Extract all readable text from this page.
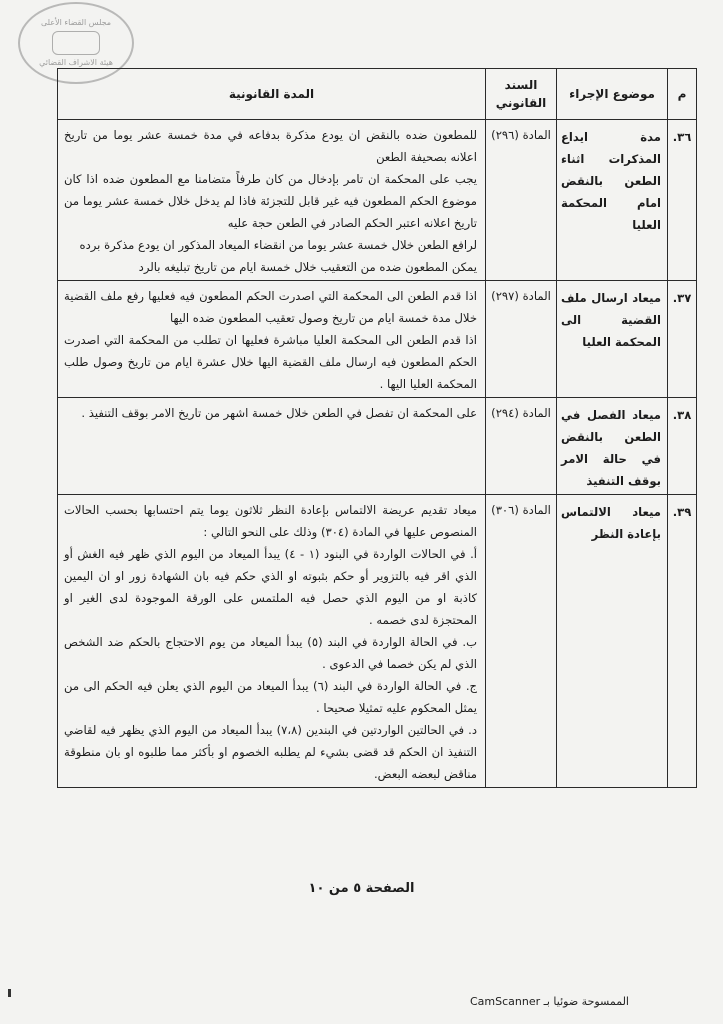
مجلس القضاء الأعلى
هيئة الاشراف القضائي
م	موضوع الإجراء	السند القانوني	المدة القانونية
٣٦.	مدة ايداع المذكرات اثناء الطعن بالنقض امام المحكمة العليا	المادة (٢٩٦)	للمطعون ضده بالنقض ان يودع مذكرة بدفاعه في مدة خمسة عشر يوما من تاريخ اعلانه بصحيفة الطعن

يجب على المحكمة ان تامر بإدخال من كان طرفاً متضامنا مع المطعون ضده اذا كان موضوع الحكم المطعون فيه غير قابل للتجزئة فاذا لم يدخل خلال خمسة عشر يوما من تاريخ اعلانه اعتبر الحكم الصادر في الطعن حجة عليه

لرافع الطعن خلال خمسة عشر يوما من انقضاء الميعاد المذكور ان يودع مذكرة برده

يمكن المطعون ضده من التعقيب خلال خمسة ايام من تاريخ تبليغه بالرد

٣٧.	ميعاد ارسال ملف القضية الى المحكمة العليا	المادة (٢٩٧)	اذا قدم الطعن الى المحكمة التي اصدرت الحكم المطعون فيه فعليها رفع ملف القضية خلال مدة خمسة ايام من تاريخ وصول تعقيب المطعون ضده اليها

اذا قدم الطعن الى المحكمة العليا مباشرة فعليها ان تطلب من المحكمة التي اصدرت الحكم المطعون فيه ارسال ملف القضية اليها خلال عشرة ايام من تاريخ وصول طلب المحكمة العليا اليها .

٣٨.	ميعاد الفصل في الطعن بالنقض في حالة الامر بوقف التنفيذ	المادة (٢٩٤)	على المحكمة ان تفصل في الطعن خلال خمسة اشهر من تاريخ الامر بوقف التنفيذ .

٣٩.	ميعاد الالتماس بإعادة النظر	المادة (٣٠٦)	ميعاد تقديم عريضة الالتماس بإعادة النظر ثلاثون يوما يتم احتسابها بحسب الحالات المنصوص عليها في المادة (٣٠٤) وذلك على النحو التالي :

أ. في الحالات الواردة في البنود (١ - ٤) يبدأ الميعاد من اليوم الذي ظهر فيه الغش أو الذي اقر فيه بالتزوير أو حكم بثبوته او الذي حكم فيه بان الشهادة زور او ان اليمين كاذبة او من اليوم الذي حصل فيه الملتمس على الورقة الموجودة لدى الغير او المحتجزة لدى خصمه .

ب. في الحالة الواردة في البند (٥) يبدأ الميعاد من يوم الاحتجاج بالحكم ضد الشخص الذي لم يكن خصما في الدعوى .

ج. في الحالة الواردة في البند (٦) يبدأ الميعاد من اليوم الذي يعلن فيه الحكم الى من يمثل المحكوم عليه تمثيلا صحيحا .

د. في الحالتين الواردتين في البندين (٧،٨) يبدأ الميعاد من اليوم الذي يظهر فيه لقاضي التنفيذ ان الحكم قد قضى بشيء لم يطلبه الخصوم او بأكثر مما طلبوه او بان منطوقة مناقض لبعضه البعض.

الصفحة ٥ من ١٠
الممسوحة ضوئيا بـ CamScanner
